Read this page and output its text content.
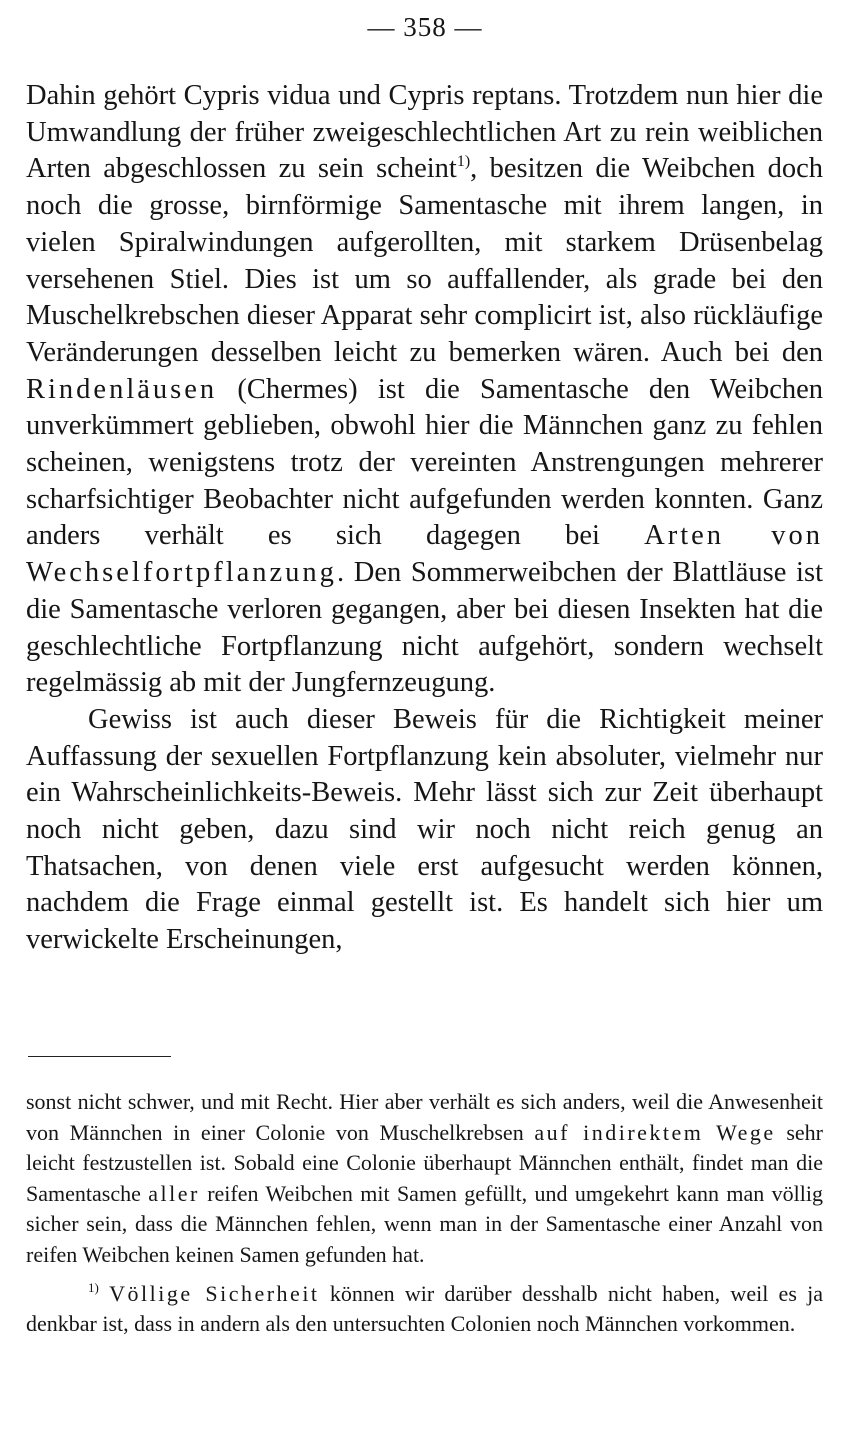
— 358 —

Dahin gehört Cypris vidua und Cypris reptans. Trotzdem nun hier die Umwandlung der früher zweigeschlechtlichen Art zu rein weiblichen Arten abgeschlossen zu sein scheint$^{1)}$, besitzen die Weibchen doch noch die grosse, birnförmige Samentasche mit ihrem langen, in vielen Spiralwindungen aufgerollten, mit starkem Drüsenbelag versehenen Stiel. Dies ist um so auffallender, als grade bei den Muschelkrebschen dieser Apparat sehr complicirt ist, also rückläufige Veränderungen desselben leicht zu bemerken wären. Auch bei den Rindenläusen (Chermes) ist die Samentasche den Weibchen unverkümmert geblieben, obwohl hier die Männchen ganz zu fehlen scheinen, wenigstens trotz der vereinten Anstrengungen mehrerer scharfsichtiger Beobachter nicht aufgefunden werden konnten. Ganz anders verhält es sich dagegen bei Arten von Wechselfortpflanzung. Den Sommerweibchen der Blattläuse ist die Samentasche verloren gegangen, aber bei diesen Insekten hat die geschlechtliche Fortpflanzung nicht aufgehört, sondern wechselt regelmässig ab mit der Jungfernzeugung.

Gewiss ist auch dieser Beweis für die Richtigkeit meiner Auffassung der sexuellen Fortpflanzung kein absoluter, vielmehr nur ein Wahrscheinlichkeits-Beweis. Mehr lässt sich zur Zeit überhaupt noch nicht geben, dazu sind wir noch nicht reich genug an Thatsachen, von denen viele erst aufgesucht werden können, nachdem die Frage einmal gestellt ist. Es handelt sich hier um verwickelte Erscheinungen,

sonst nicht schwer, und mit Recht. Hier aber verhält es sich anders, weil die Anwesenheit von Männchen in einer Colonie von Muschelkrebsen auf indirektem Wege sehr leicht festzustellen ist. Sobald eine Colonie überhaupt Männchen enthält, findet man die Samentasche aller reifen Weibchen mit Samen gefüllt, und umgekehrt kann man völlig sicher sein, dass die Männchen fehlen, wenn man in der Samentasche einer Anzahl von reifen Weibchen keinen Samen gefunden hat.

$^{1)}$ Völlige Sicherheit können wir darüber desshalb nicht haben, weil es ja denkbar ist, dass in andern als den untersuchten Colonien noch Männchen vorkommen.
